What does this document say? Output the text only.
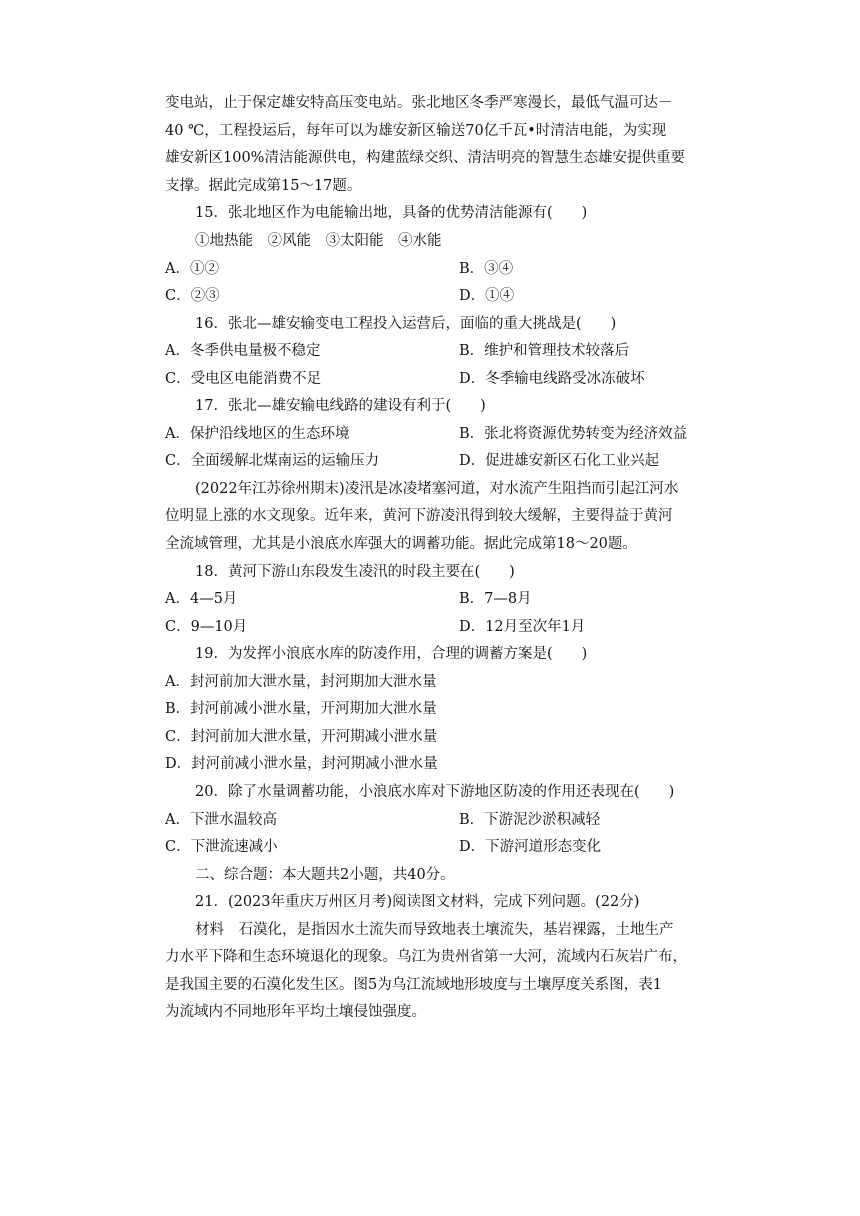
变电站，止于保定雄安特高压变电站。张北地区冬季严寒漫长，最低气温可达－
40 ℃，工程投运后，每年可以为雄安新区输送70亿千瓦•时清洁电能，为实现
雄安新区100%清洁能源供电，构建蓝绿交织、清洁明亮的智慧生态雄安提供重要
支撑。据此完成第15～17题。
15．张北地区作为电能输出地，具备的优势清洁能源有(　　)
①地热能　②风能　③太阳能　④水能
A．①②	B．③④
C．②③	D．①④
16．张北—雄安输变电工程投入运营后，面临的重大挑战是(　　)
A．冬季供电量极不稳定	B．维护和管理技术较落后
C．受电区电能消费不足	D．冬季输电线路受冰冻破坏
17．张北—雄安输电线路的建设有利于(　　)
A．保护沿线地区的生态环境	B．张北将资源优势转变为经济效益
C．全面缓解北煤南运的运输压力	D．促进雄安新区石化工业兴起
(2022年江苏徐州期末)凌汛是冰凌堵塞河道，对水流产生阻挡而引起江河水
位明显上涨的水文现象。近年来，黄河下游凌汛得到较大缓解，主要得益于黄河
全流域管理，尤其是小浪底水库强大的调蓄功能。据此完成第18～20题。
18．黄河下游山东段发生凌汛的时段主要在(　　)
A．4—5月	B．7—8月
C．9—10月	D．12月至次年1月
19．为发挥小浪底水库的防凌作用，合理的调蓄方案是(　　)
A．封河前加大泄水量，封河期加大泄水量
B．封河前减小泄水量，开河期加大泄水量
C．封河前加大泄水量，开河期减小泄水量
D．封河前减小泄水量，封河期减小泄水量
20．除了水量调蓄功能，小浪底水库对下游地区防凌的作用还表现在(　　)
A．下泄水温较高	B．下游泥沙淤积减轻
C．下泄流速减小	D．下游河道形态变化
二、综合题：本大题共2小题，共40分。
21．(2023年重庆万州区月考)阅读图文材料，完成下列问题。(22分)
材料　石漠化，是指因水土流失而导致地表土壤流失，基岩裸露，土地生产
力水平下降和生态环境退化的现象。乌江为贵州省第一大河，流域内石灰岩广布，
是我国主要的石漠化发生区。图5为乌江流域地形坡度与土壤厚度关系图，表1
为流域内不同地形年平均土壤侵蚀强度。
